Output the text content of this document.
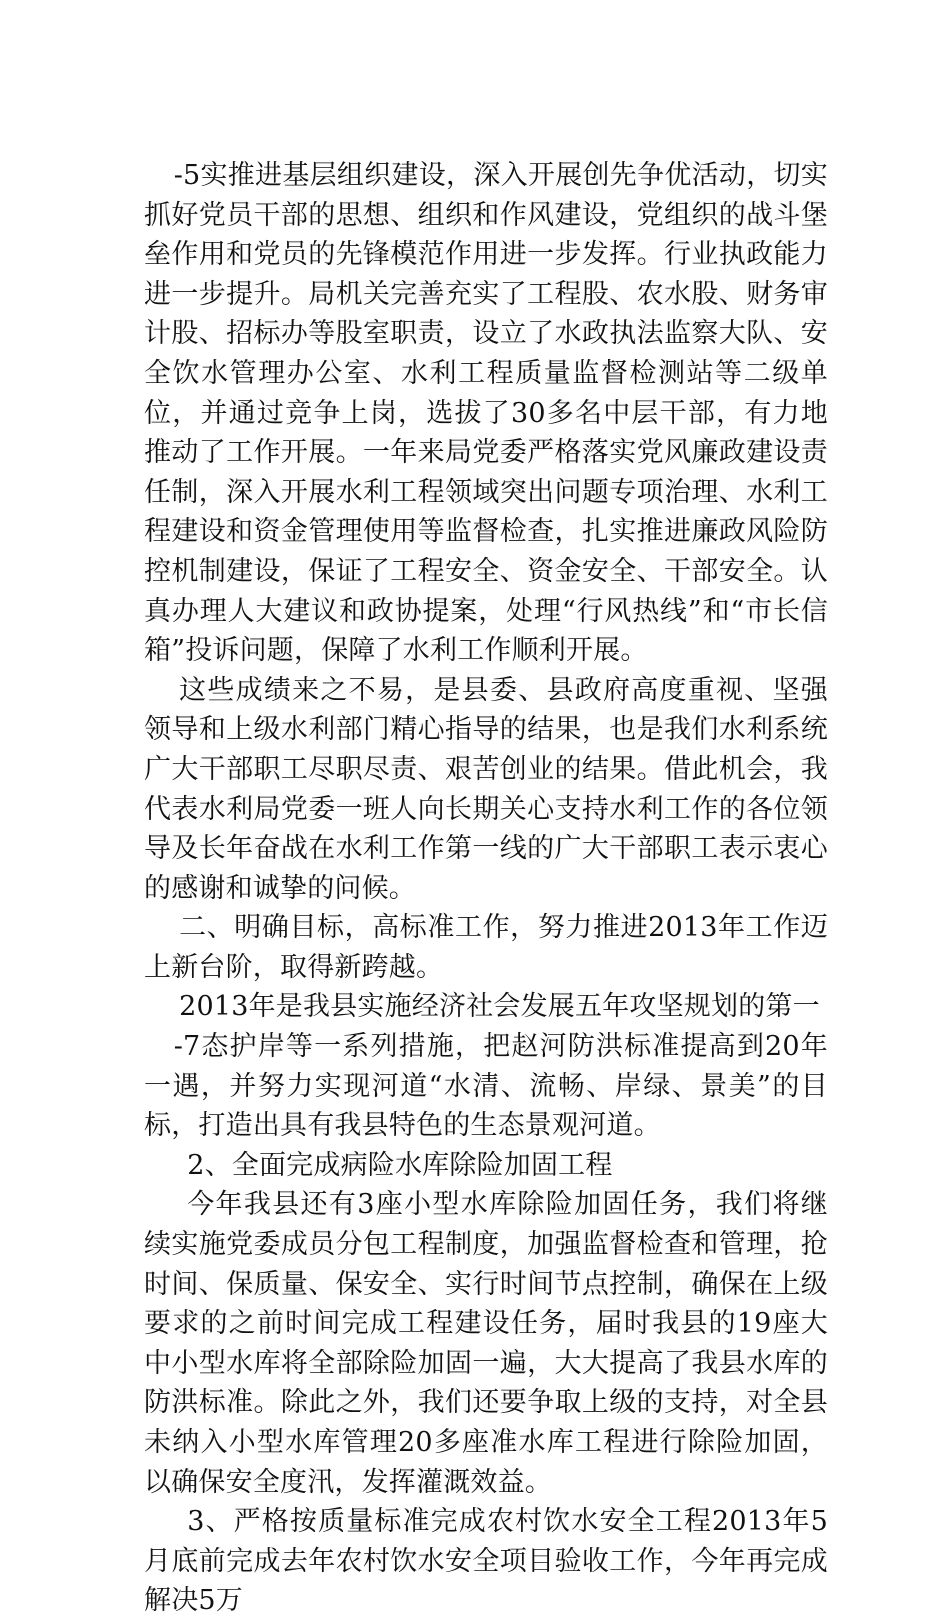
-5实推进基层组织建设，深入开展创先争优活动，切实抓好党员干部的思想、组织和作风建设，党组织的战斗堡垒作用和党员的先锋模范作用进一步发挥。行业执政能力进一步提升。局机关完善充实了工程股、农水股、财务审计股、招标办等股室职责，设立了水政执法监察大队、安全饮水管理办公室、水利工程质量监督检测站等二级单位，并通过竞争上岗，选拔了30多名中层干部，有力地推动了工作开展。一年来局党委严格落实党风廉政建设责任制，深入开展水利工程领域突出问题专项治理、水利工程建设和资金管理使用等监督检查，扎实推进廉政风险防控机制建设，保证了工程安全、资金安全、干部安全。认真办理人大建议和政协提案，处理“行风热线”和“市长信箱”投诉问题，保障了水利工作顺利开展。

这些成绩来之不易，是县委、县政府高度重视、坚强领导和上级水利部门精心指导的结果，也是我们水利系统广大干部职工尽职尽责、艰苦创业的结果。借此机会，我代表水利局党委一班人向长期关心支持水利工作的各位领导及长年奋战在水利工作第一线的广大干部职工表示衷心的感谢和诚挚的问候。

二、明确目标，高标准工作，努力推进2013年工作迈上新台阶，取得新跨越。

2013年是我县实施经济社会发展五年攻坚规划的第一

-7态护岸等一系列措施，把赵河防洪标准提高到20年一遇，并努力实现河道“水清、流畅、岸绿、景美”的目标，打造出具有我县特色的生态景观河道。

2、全面完成病险水库除险加固工程

今年我县还有3座小型水库除险加固任务，我们将继续实施党委成员分包工程制度，加强监督检查和管理，抢时间、保质量、保安全、实行时间节点控制，确保在上级要求的之前时间完成工程建设任务，届时我县的19座大中小型水库将全部除险加固一遍，大大提高了我县水库的防洪标准。除此之外，我们还要争取上级的支持，对全县未纳入小型水库管理20多座准水库工程进行除险加固，以确保安全度汛，发挥灌溉效益。

3、严格按质量标准完成农村饮水安全工程2013年5月底前完成去年农村饮水安全项目验收工作，今年再完成解决5万
